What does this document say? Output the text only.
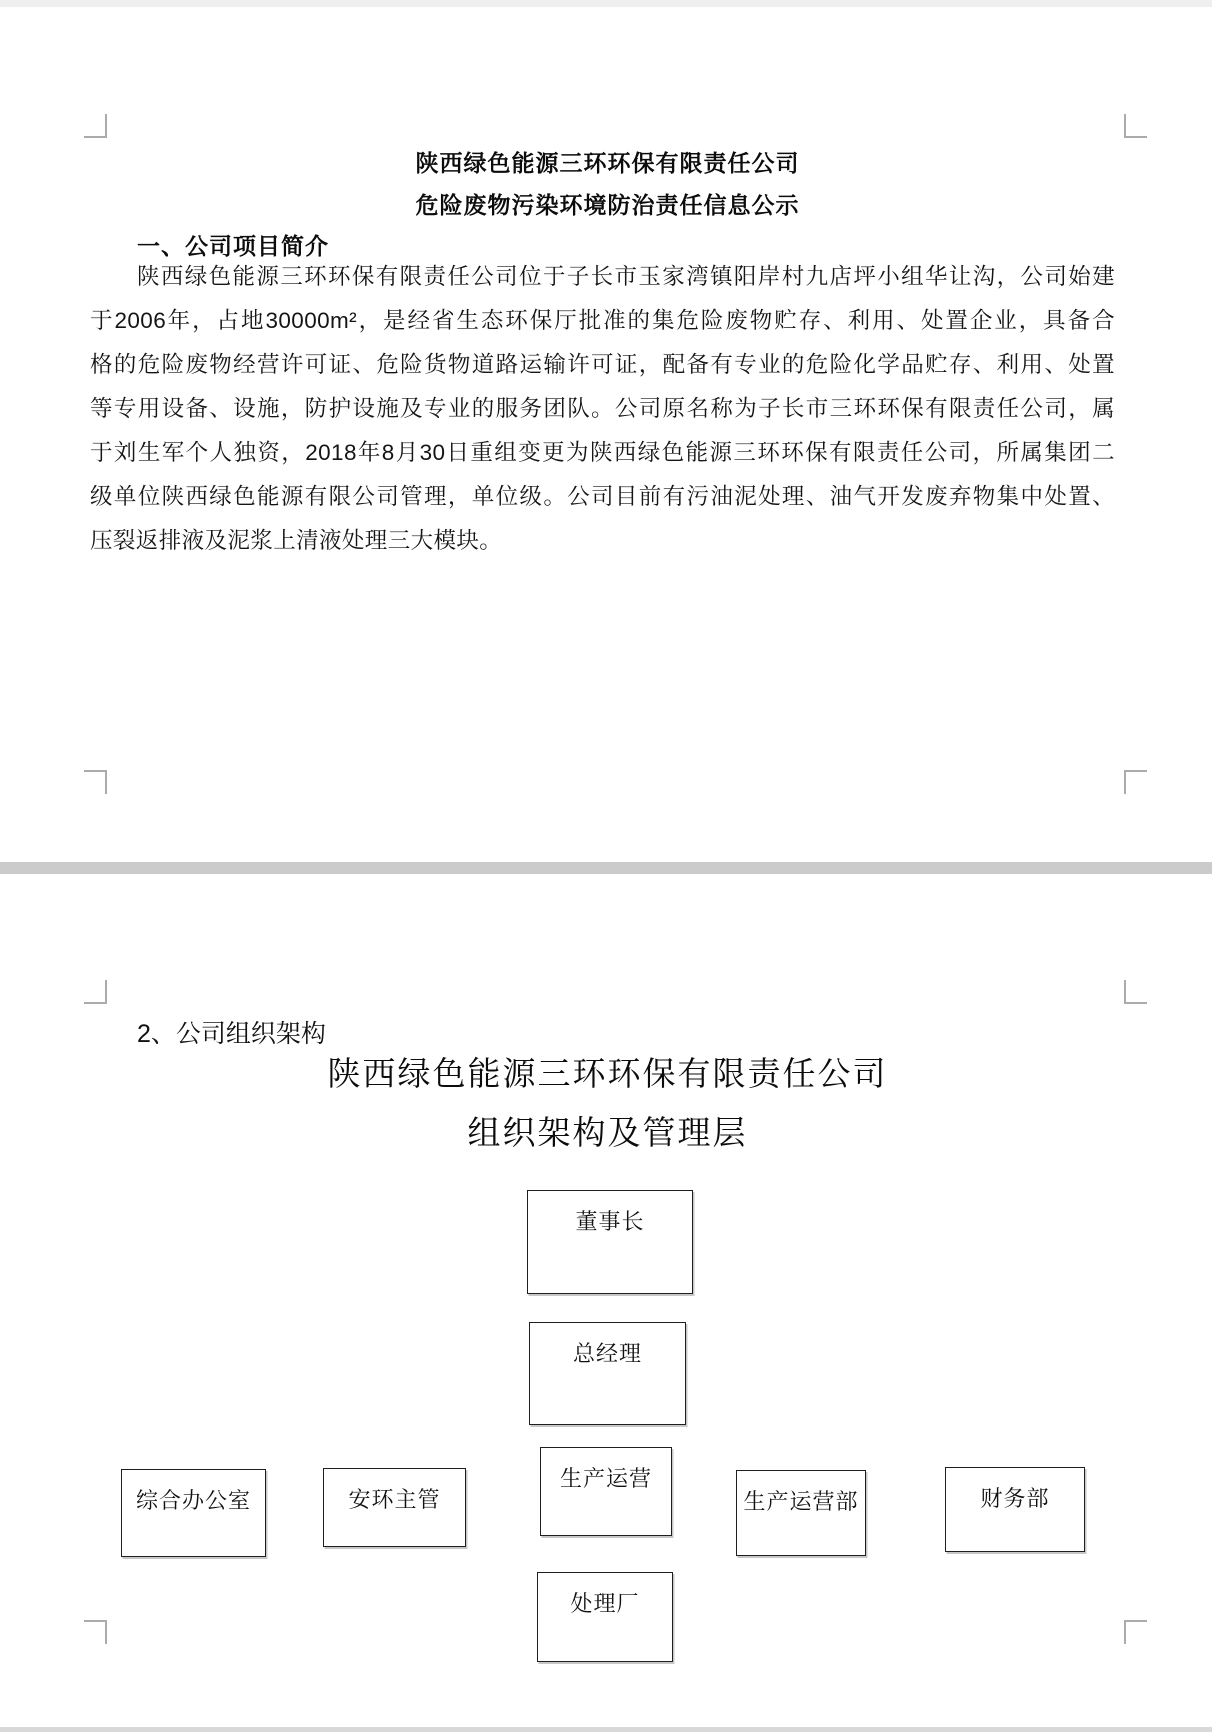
陕西绿色能源三环环保有限责任公司
危险废物污染环境防治责任信息公示
一、公司项目简介
陕西绿色能源三环环保有限责任公司位于子长市玉家湾镇阳岸村九店坪小组华让沟，公司始建
于2006年，占地30000m²，是经省生态环保厅批准的集危险废物贮存、利用、处置企业，具备合
格的危险废物经营许可证、危险货物道路运输许可证，配备有专业的危险化学品贮存、利用、处置
等专用设备、设施，防护设施及专业的服务团队。公司原名称为子长市三环环保有限责任公司，属
于刘生军个人独资，2018年8月30日重组变更为陕西绿色能源三环环保有限责任公司，所属集团二
级单位陕西绿色能源有限公司管理，单位级。公司目前有污油泥处理、油气开发废弃物集中处置、
压裂返排液及泥浆上清液处理三大模块。
2、公司组织架构
陕西绿色能源三环环保有限责任公司
组织架构及管理层
董事长
总经理
综合办公室	安环主管
生产运营
生产运营部	财务部
处理厂
